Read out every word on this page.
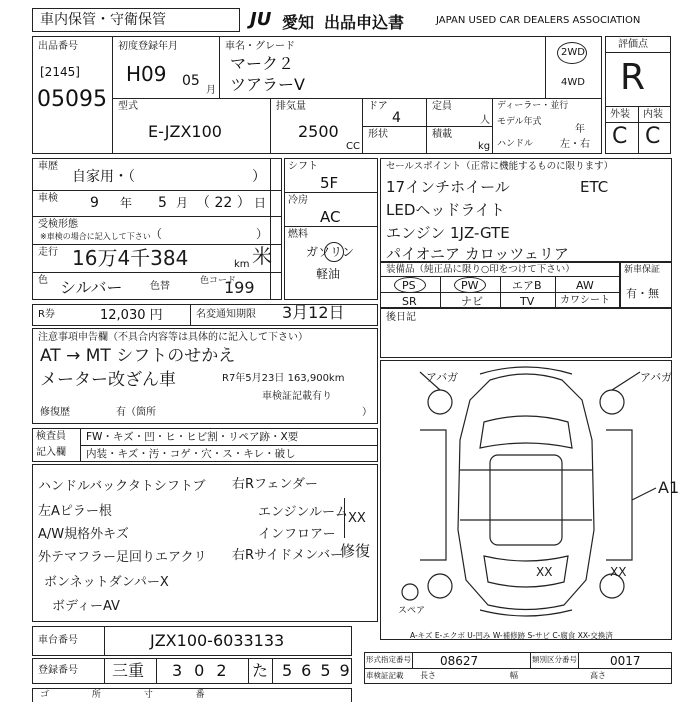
車内保管・守衛保管	JU 愛知 出品申込書	JAPAN USED CAR DEALERS ASSOCIATION
出品番号
[2145]
05095
初度登録年月
H09 05
月
車名・グレード
マーク２
ツアラーV
2WD
4WD
評価点
R
外装 内装
C C
型式
E-JZX100
排気量
2500
CC
ドア
4
形状
定員
人
積載
kg
ディーラー・並行
モデル年式
年
ハンドル	左・右
車歴
自家用・（	）
車検 9 年 5 月 （ 22 ） 日
受検形態
※車検の場合に記入して下さい （	）
走行 16万4千384	km 米
色 シルバー	色替	色コード
199
シフト
5F
冷房
AC
燃料
ガソリン
軽油
セールスポイント（正常に機能するものに限ります）
17インチホイール	ETC
LEDヘッドライト
エンジン 1JZ-GTE
パイオニア カロッツェリア
装備品（純正品に限り○印をつけて下さい）
PS	PW	エアB	AW
SR	ナビ	TV	カワシート
新車保証
有・無
R券	12,030 円	名変通知期限 3月12日	後日記
注意事項申告欄（不具合内容等は具体的に記入して下さい）
AT → MT シフトのせかえ
メーター改ざん車	R7年5月23日 163,900km
車検証記載有り
修復歴	有（箇所	）
検査員
記入欄
FW・キズ・凹・ヒ・ヒビ割・リペア跡・X要
内装・キズ・汚・コゲ・穴・ス・キレ・破し
ハンドルバックタトシフトブ
左Aピラー根
A/W規格外キズ
外テマフラー足回りエアクリ
ボンネットダンパーX
ボディーAV
右Rフェンダー
エンジンルーム
インフロアー
右Rサイドメンバー
XX
修復
アバガ	アバガ
A1
XX	XX
スペア
A-キズ E-エクボ U-凹み W-補修跡 S-サビ C-腐食 XX-交換済
車台番号	JZX100-6033133
登録番号 三重 302 た 5659
形式指定番号 08627	類別区分番号	0017
車検証記載 長さ	幅	高さ
ゴ 所 寸 番
